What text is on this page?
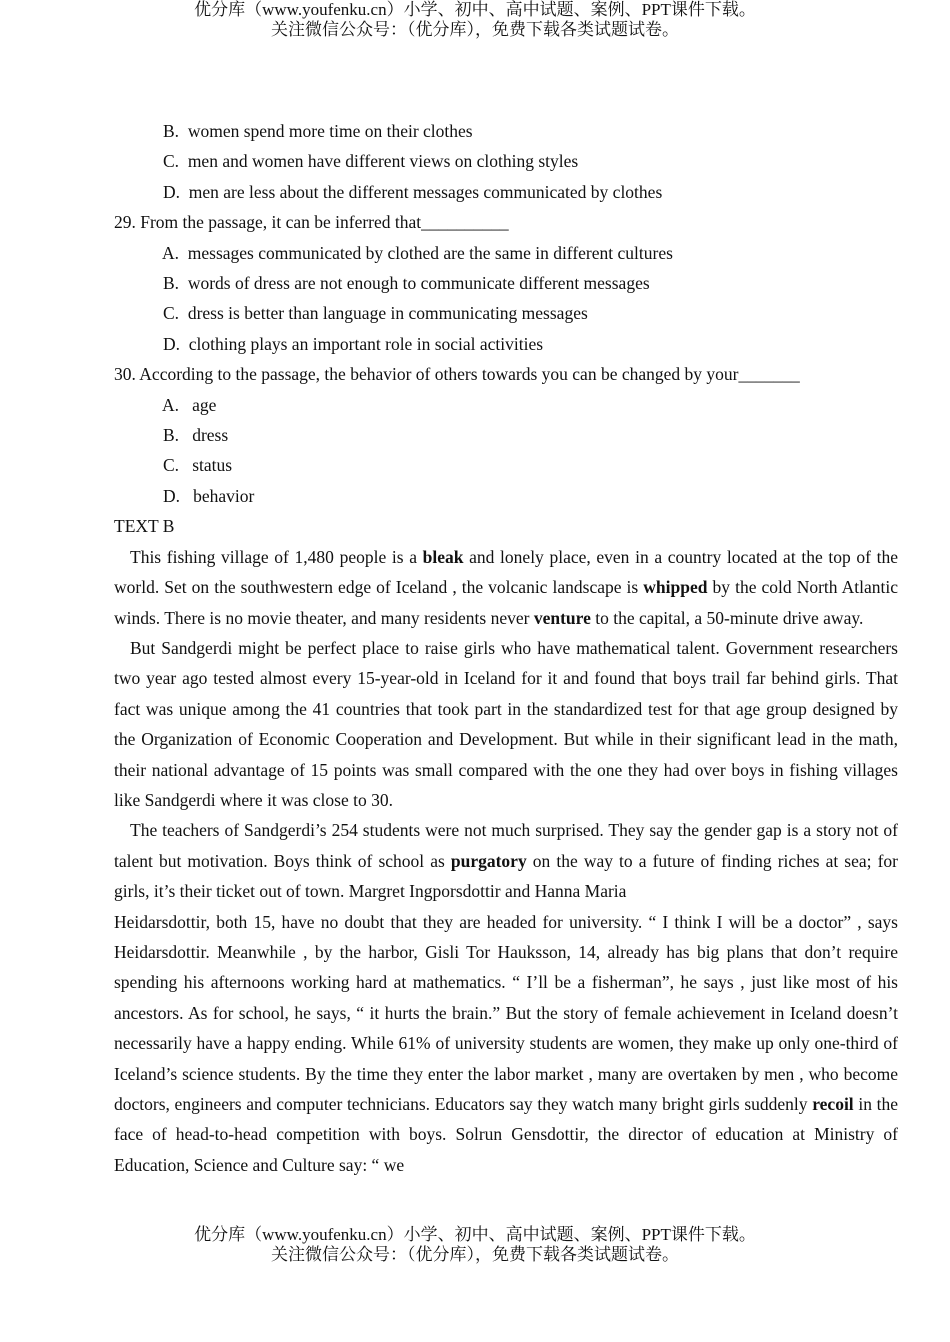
优分库（www.youfenku.cn）小学、初中、高中试题、案例、PPT课件下载。
关注微信公众号：（优分库），免费下载各类试题试卷。
B. women spend more time on their clothes
C. men and women have different views on clothing styles
D. men are less about the different messages communicated by clothes
29. From the passage, it can be inferred that__________
A. messages communicated by clothed are the same in different cultures
B. words of dress are not enough to communicate different messages
C. dress is better than language in communicating messages
D. clothing plays an important role in social activities
30. According to the passage, the behavior of others towards you can be changed by your_______
A. age
B. dress
C. status
D. behavior
TEXT B

This fishing village of 1,480 people is a bleak and lonely place, even in a country located at the top of the world. Set on the southwestern edge of Iceland , the volcanic landscape is whipped by the cold North Atlantic winds. There is no movie theater, and many residents never venture to the capital, a 50-minute drive away.

But Sandgerdi might be perfect place to raise girls who have mathematical talent. Government researchers two year ago tested almost every 15-year-old in Iceland for it and found that boys trail far behind girls. That fact was unique among the 41 countries that took part in the standardized test for that age group designed by the Organization of Economic Cooperation and Development. But while in their significant lead in the math, their national advantage of 15 points was small compared with the one they had over boys in fishing villages like Sandgerdi where it was close to 30.

The teachers of Sandgerdi’s 254 students were not much surprised. They say the gender gap is a story not of talent but motivation. Boys think of school as purgatory on the way to a future of finding riches at sea; for girls, it’s their ticket out of town. Margret Ingporsdottir and Hanna Maria

Heidarsdottir, both 15, have no doubt that they are headed for university. “ I think I will be a doctor” , says Heidarsdottir. Meanwhile , by the harbor, Gisli Tor Hauksson, 14, already has big plans that don’t require spending his afternoons working hard at mathematics. “ I’ll be a fisherman”, he says , just like most of his ancestors. As for school, he says, “ it hurts the brain.” But the story of female achievement in Iceland doesn’t necessarily have a happy ending. While 61% of university students are women, they make up only one-third of Iceland’s science students. By the time they enter the labor market , many are overtaken by men , who become doctors, engineers and computer technicians. Educators say they watch many bright girls suddenly recoil in the face of head-to-head competition with boys. Solrun Gensdottir, the director of education at Ministry of Education, Science and Culture say: “ we

优分库（www.youfenku.cn）小学、初中、高中试题、案例、PPT课件下载。
关注微信公众号：（优分库），免费下载各类试题试卷。
